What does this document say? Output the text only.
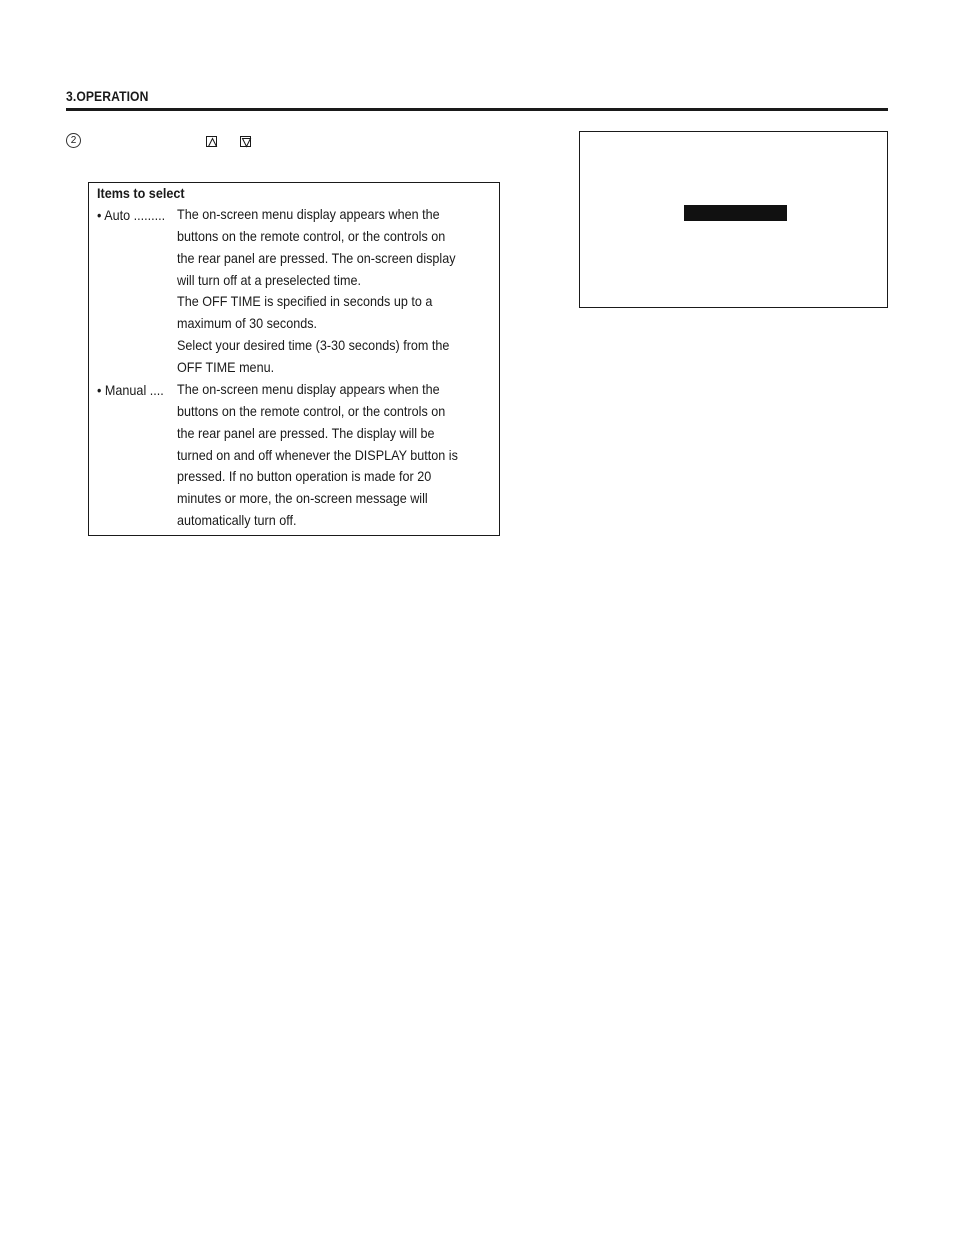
3.OPERATION
2
Items to select
• Auto ......... The on-screen menu display appears when the
buttons on the remote control, or the controls on
the rear panel are pressed. The on-screen display
will turn off at a preselected time.
The OFF TIME is specified in seconds up to a
maximum of 30 seconds.
Select your desired time (3-30 seconds) from the
OFF TIME menu.
• Manual .... The on-screen menu display appears when the
buttons on the remote control, or the controls on
the rear panel are pressed. The display will be
turned on and off whenever the DISPLAY button is
pressed. If no button operation is made for 20
minutes or more, the on-screen message will
automatically turn off.
